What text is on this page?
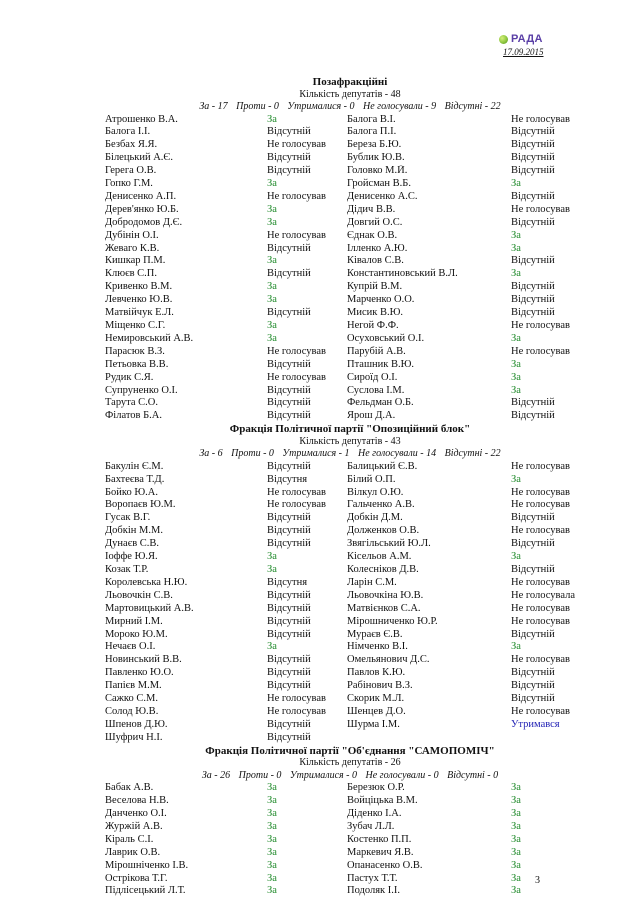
РАДА
17.09.2015
Позафракційні
Кількість депутатів - 48
За - 17 Проти - 0 Утрималися - 0 Не голосували - 9 Відсутні - 22
Атрошенко В.А.	За	Балога В.І.	Не голосував
Балога І.І.	Відсутній	Балога П.І.	Відсутній
Безбах Я.Я.	Не голосував	Береза Б.Ю.	Відсутній
Білецький А.Є.	Відсутній	Бублик Ю.В.	Відсутній
Герега О.В.	Відсутній	Головко М.Й.	Відсутній
Гопко Г.М.	За	Гройсман В.Б.	За
Денисенко А.П.	Не голосував	Денисенко А.С.	Відсутній
Дерев'янко Ю.Б.	За	Дідич В.В.	Не голосував
Добродомов Д.Є.	За	Довгий О.С.	Відсутній
Дубінін О.І.	Не голосував	Єднак О.В.	За
Жеваго К.В.	Відсутній	Ілленко А.Ю.	За
Кишкар П.М.	За	Ківалов С.В.	Відсутній
Клюєв С.П.	Відсутній	Константиновський В.Л.	За
Кривенко В.М.	За	Купрій В.М.	Відсутній
Левченко Ю.В.	За	Марченко О.О.	Відсутній
Матвійчук Е.Л.	Відсутній	Мисик В.Ю.	Відсутній
Міщенко С.Г.	За	Негой Ф.Ф.	Не голосував
Немировський А.В.	За	Осуховський О.І.	За
Парасюк В.З.	Не голосував	Парубій А.В.	Не голосував
Петьовка В.В.	Відсутній	Пташник В.Ю.	За
Рудик С.Я.	Не голосував	Сироїд О.І.	За
Супруненко О.І.	Відсутній	Суслова І.М.	За
Тарута С.О.	Відсутній	Фельдман О.Б.	Відсутній
Філатов Б.А.	Відсутній	Ярош Д.А.	Відсутній
Фракція Політичної партії "Опозиційний блок"
Кількість депутатів - 43
За - 6 Проти - 0 Утрималися - 1 Не голосували - 14 Відсутні - 22
Бакулін Є.М.	Відсутній	Балицький Є.В.	Не голосував
Бахтеєва Т.Д.	Відсутня	Білий О.П.	За
Бойко Ю.А.	Не голосував	Вілкул О.Ю.	Не голосував
Воропаєв Ю.М.	Не голосував	Гальченко А.В.	Не голосував
Гусак В.Г.	Відсутній	Добкін Д.М.	Відсутній
Добкін М.М.	Відсутній	Долженков О.В.	Не голосував
Дунаєв С.В.	Відсутній	Звягільський Ю.Л.	Відсутній
Іоффе Ю.Я.	За	Кісельов А.М.	За
Козак Т.Р.	За	Колеснiков Д.В.	Відсутній
Королевська Н.Ю.	Відсутня	Ларін С.М.	Не голосував
Льовочкін С.В.	Відсутній	Льовочкіна Ю.В.	Не голосувала
Мартовицький А.В.	Відсутній	Матвієнков С.А.	Не голосував
Мирний І.М.	Відсутній	Мірошниченко Ю.Р.	Не голосував
Мороко Ю.М.	Відсутній	Мураєв Є.В.	Відсутній
Нечаєв О.І.	За	Німченко В.І.	За
Новинський В.В.	Відсутній	Омельянович Д.С.	Не голосував
Павленко Ю.О.	Відсутній	Павлов К.Ю.	Відсутній
Папієв М.М.	Відсутній	Рабінович В.З.	Відсутній
Сажко С.М.	Не голосував	Скорик М.Л.	Відсутній
Солод Ю.В.	Не голосував	Шенцев Д.О.	Не голосував
Шпенов Д.Ю.	Відсутній	Шурма І.М.	Утримався
Шуфрич Н.І.	Відсутній		
Фракція Політичної партії "Об'єднання "САМОПОМІЧ"
Кількість депутатів - 26
За - 26 Проти - 0 Утрималися - 0 Не голосували - 0 Відсутні - 0
Бабак А.В.	За	Березюк О.Р.	За
Веселова Н.В.	За	Войціцька В.М.	За
Данченко О.І.	За	Діденко І.А.	За
Журжій А.В.	За	Зубач Л.Л.	За
Кіраль С.І.	За	Костенко П.П.	За
Лаврик О.В.	За	Маркевич Я.В.	За
Мірошніченко І.В.	За	Опанасенко О.В.	За
Острікова Т.Г.	За	Пастух Т.Т.	За
Підлісецький Л.Т.	За	Подоляк І.І.	За
3
